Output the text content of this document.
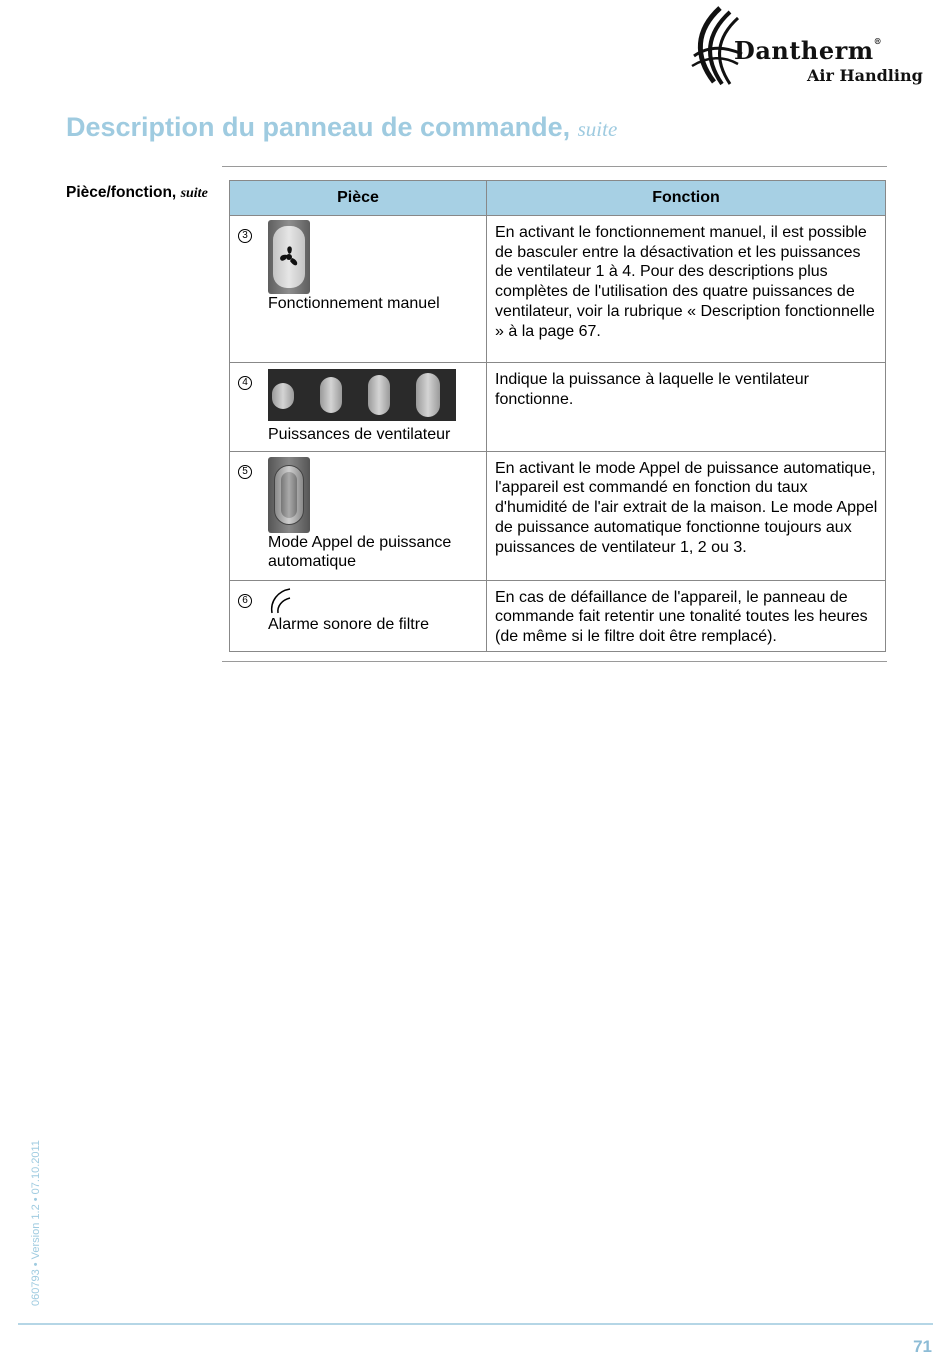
Dantherm®
Air Handling
Description du panneau de commande, suite
Pièce/fonction, suite	Pièce	Fonction

3
Fonctionnement manuel	En activant le fonctionnement manuel, il est possible de basculer entre la désactivation et les puissances de ventilateur 1 à 4. Pour des descriptions plus complètes de l'utilisation des quatre puissances de ventilateur, voir la rubrique « Description fonctionnelle » à la page 67.

4
Puissances de ventilateur	Indique la puissance à laquelle le ventilateur fonctionne.

5
Mode Appel de puissance automatique	En activant le mode Appel de puissance automatique, l'appareil est commandé en fonction du taux d'humidité de l'air extrait de la maison. Le mode Appel de puissance automatique fonctionne toujours aux puissances de ventilateur 1, 2 ou 3.

6
Alarme sonore de filtre	En cas de défaillance de l'appareil, le panneau de commande fait retentir une tonalité toutes les heures (de même si le filtre doit être remplacé).
060793 • Version 1.2 • 07.10.2011
71
